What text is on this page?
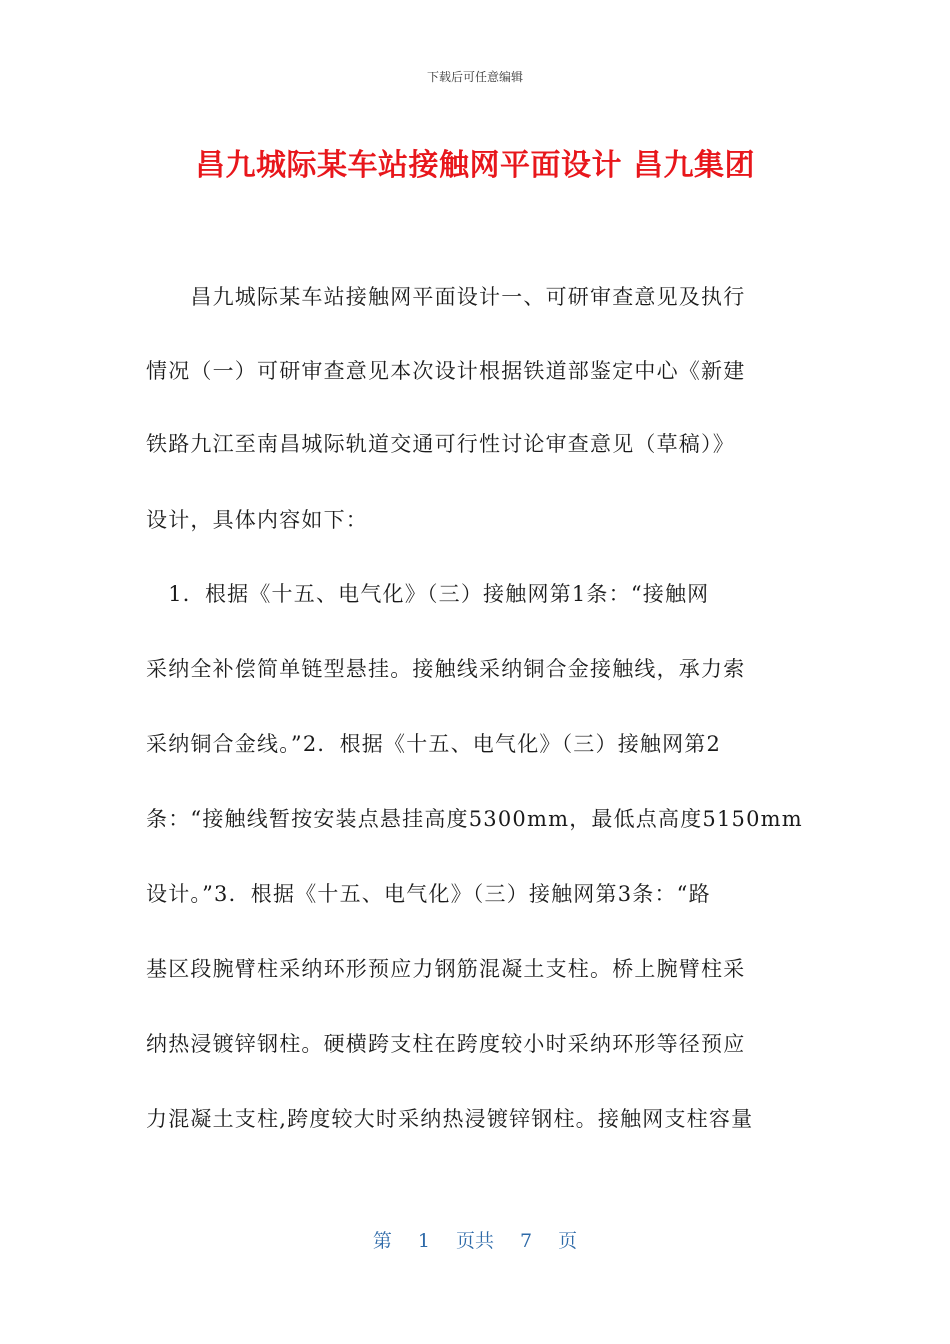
下载后可任意编辑
昌九城际某车站接触网平面设计 昌九集团
　　昌九城际某车站接触网平面设计一、可研审查意见及执行
情况（一）可研审查意见本次设计根据铁道部鉴定中心《新建
铁路九江至南昌城际轨道交通可行性讨论审查意见（草稿）》
设计，具体内容如下：
　1．根据《十五、电气化》（三）接触网第1条：“接触网
采纳全补偿简单链型悬挂。接触线采纳铜合金接触线，承力索
采纳铜合金线。”2．根据《十五、电气化》（三）接触网第2
条：“接触线暂按安装点悬挂高度5300mm，最低点高度5150mm
设计。”3．根据《十五、电气化》（三）接触网第3条：“路
基区段腕臂柱采纳环形预应力钢筋混凝土支柱。桥上腕臂柱采
纳热浸镀锌钢柱。硬横跨支柱在跨度较小时采纳环形等径预应
力混凝土支柱,跨度较大时采纳热浸镀锌钢柱。接触网支柱容量
第 1 页共 7 页
